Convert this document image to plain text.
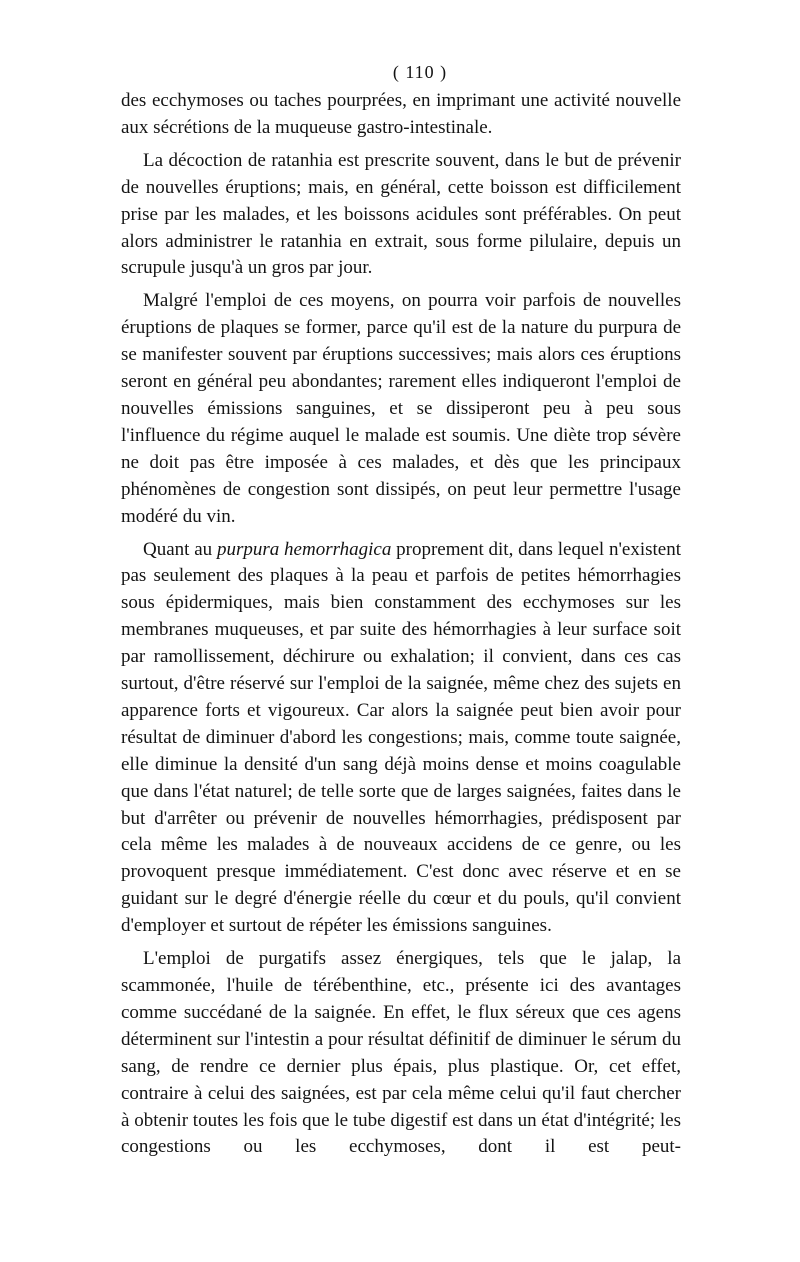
( 110 )

des ecchymoses ou taches pourprées, en imprimant une activité nouvelle aux sécrétions de la muqueuse gastro-intestinale.

La décoction de ratanhia est prescrite souvent, dans le but de prévenir de nouvelles éruptions; mais, en général, cette boisson est difficilement prise par les malades, et les boissons acidules sont préférables. On peut alors administrer le ratanhia en extrait, sous forme pilulaire, depuis un scrupule jusqu'à un gros par jour.

Malgré l'emploi de ces moyens, on pourra voir parfois de nouvelles éruptions de plaques se former, parce qu'il est de la nature du purpura de se manifester souvent par éruptions successives; mais alors ces éruptions seront en général peu abondantes; rarement elles indiqueront l'emploi de nouvelles émissions sanguines, et se dissiperont peu à peu sous l'influence du régime auquel le malade est soumis. Une diète trop sévère ne doit pas être imposée à ces malades, et dès que les principaux phénomènes de congestion sont dissipés, on peut leur permettre l'usage modéré du vin.

Quant au purpura hemorrhagica proprement dit, dans lequel n'existent pas seulement des plaques à la peau et parfois de petites hémorrhagies sous épidermiques, mais bien constamment des ecchymoses sur les membranes muqueuses, et par suite des hémorrhagies à leur surface soit par ramollissement, déchirure ou exhalation; il convient, dans ces cas surtout, d'être réservé sur l'emploi de la saignée, même chez des sujets en apparence forts et vigoureux. Car alors la saignée peut bien avoir pour résultat de diminuer d'abord les congestions; mais, comme toute saignée, elle diminue la densité d'un sang déjà moins dense et moins coagulable que dans l'état naturel; de telle sorte que de larges saignées, faites dans le but d'arrêter ou prévenir de nouvelles hémorrhagies, prédisposent par cela même les malades à de nouveaux accidens de ce genre, ou les provoquent presque immédiatement. C'est donc avec réserve et en se guidant sur le degré d'énergie réelle du cœur et du pouls, qu'il convient d'employer et surtout de répéter les émissions sanguines.

L'emploi de purgatifs assez énergiques, tels que le jalap, la scammonée, l'huile de térébenthine, etc., présente ici des avantages comme succédané de la saignée. En effet, le flux séreux que ces agens déterminent sur l'intestin a pour résultat définitif de diminuer le sérum du sang, de rendre ce dernier plus épais, plus plastique. Or, cet effet, contraire à celui des saignées, est par cela même celui qu'il faut chercher à obtenir toutes les fois que le tube digestif est dans un état d'intégrité; les congestions ou les ecchymoses, dont il est peut-
